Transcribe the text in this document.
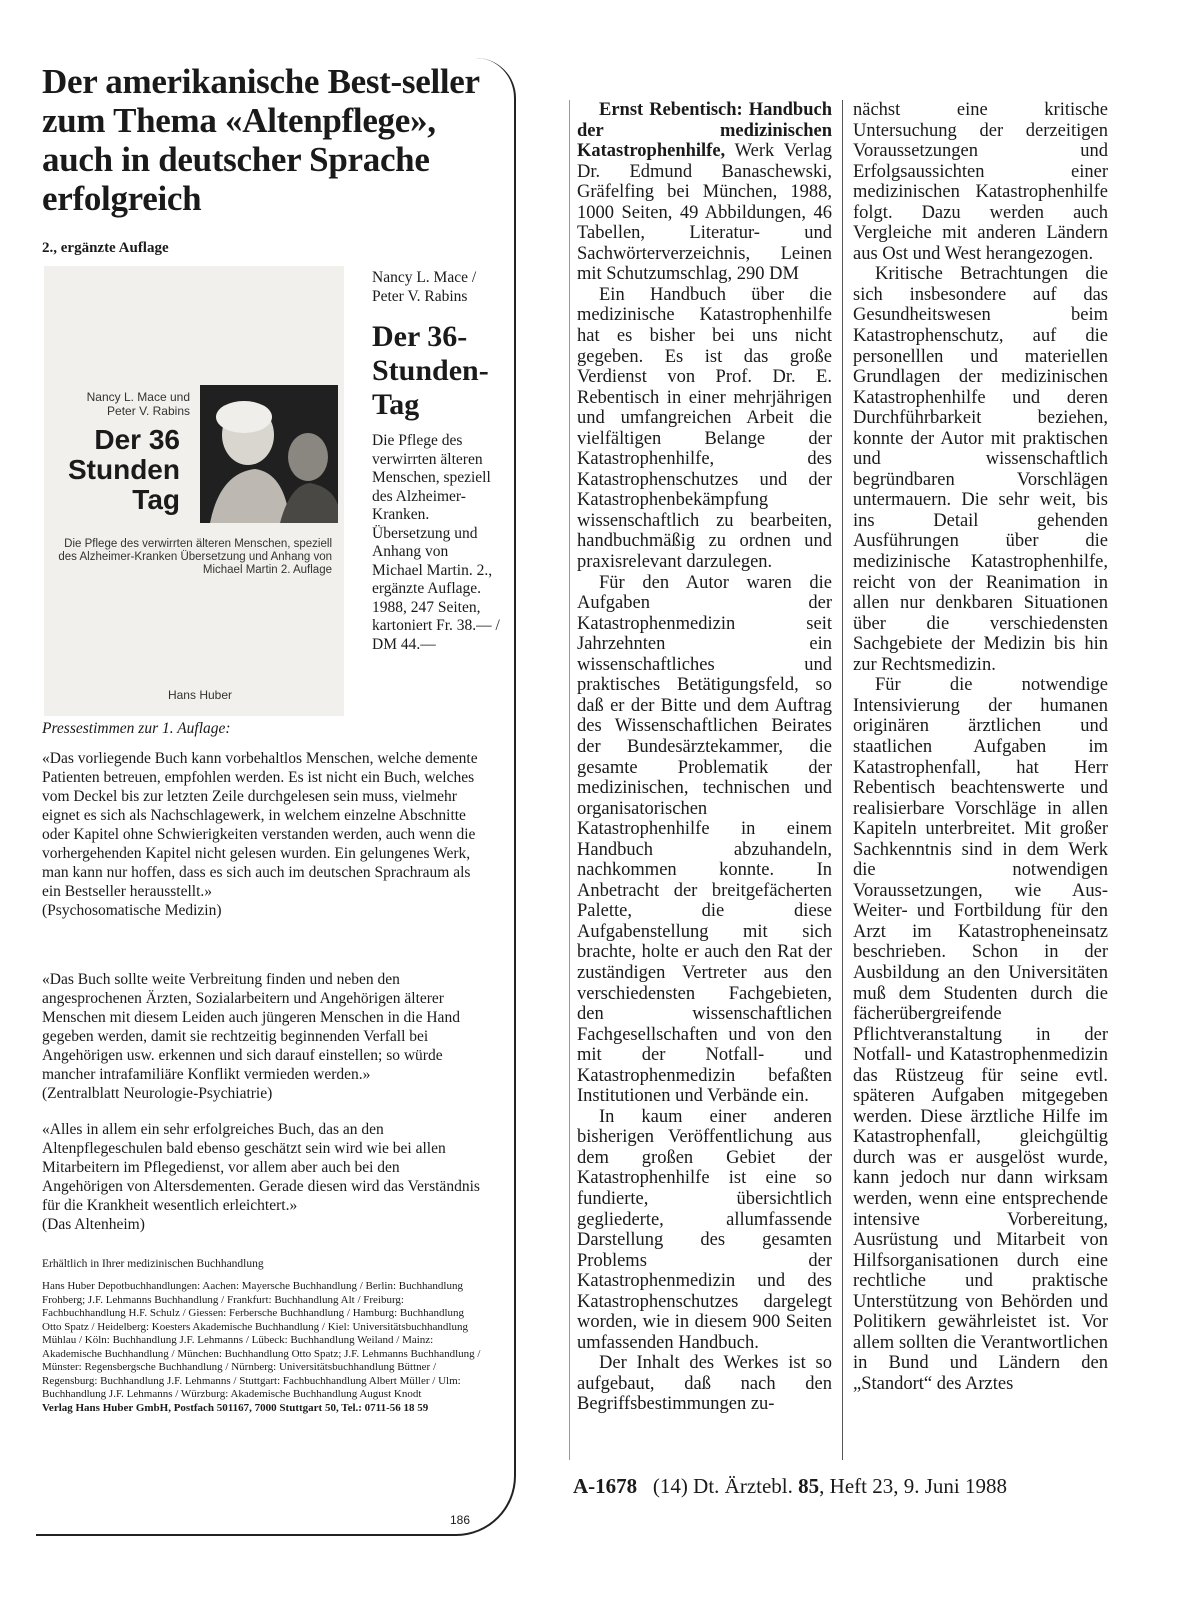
Der amerikanische Best-seller zum Thema «Altenpflege», auch in deutscher Sprache erfolgreich
2., ergänzte Auflage
Nancy L. Mace und Peter V. Rabins
Der 36 Stunden Tag
Die Pflege des verwirrten älteren Menschen, speziell des Alzheimer-Kranken Übersetzung und Anhang von Michael Martin 2. Auflage
Hans Huber
Nancy L. Mace / Peter V. Rabins
Der 36-Stunden-Tag
Die Pflege des verwirrten älteren Menschen, speziell des Alzheimer-Kranken. Übersetzung und Anhang von Michael Martin. 2., ergänzte Auflage. 1988, 247 Seiten, kartoniert Fr. 38.— / DM 44.—
Pressestimmen zur 1. Auflage:
«Das vorliegende Buch kann vorbehaltlos Menschen, welche demente Patienten betreuen, empfohlen werden. Es ist nicht ein Buch, welches vom Deckel bis zur letzten Zeile durchgelesen sein muss, vielmehr eignet es sich als Nachschlagewerk, in welchem einzelne Abschnitte oder Kapitel ohne Schwierigkeiten verstanden werden, auch wenn die vorhergehenden Kapitel nicht gelesen wurden. Ein gelungenes Werk, man kann nur hoffen, dass es sich auch im deutschen Sprachraum als ein Bestseller herausstellt.»
(Psychosomatische Medizin)
«Das Buch sollte weite Verbreitung finden und neben den angesprochenen Ärzten, Sozialarbeitern und Angehörigen älterer Menschen mit diesem Leiden auch jüngeren Menschen in die Hand gegeben werden, damit sie rechtzeitig beginnenden Verfall bei Angehörigen usw. erkennen und sich darauf einstellen; so würde mancher intrafamiliäre Konflikt vermieden werden.»
(Zentralblatt Neurologie-Psychiatrie)
«Alles in allem ein sehr erfolgreiches Buch, das an den Altenpflegeschulen bald ebenso geschätzt sein wird wie bei allen Mitarbeitern im Pflegedienst, vor allem aber auch bei den Angehörigen von Altersdementen. Gerade diesen wird das Verständnis für die Krankheit wesentlich erleichtert.»
(Das Altenheim)
Erhältlich in Ihrer medizinischen Buchhandlung
Hans Huber Depotbuchhandlungen: Aachen: Mayersche Buchhandlung / Berlin: Buchhandlung Frohberg; J.F. Lehmanns Buchhandlung / Frankfurt: Buchhandlung Alt / Freiburg: Fachbuchhandlung H.F. Schulz / Giessen: Ferbersche Buchhandlung / Hamburg: Buchhandlung Otto Spatz / Heidelberg: Koesters Akademische Buchhandlung / Kiel: Universitätsbuchhandlung Mühlau / Köln: Buchhandlung J.F. Lehmanns / Lübeck: Buchhandlung Weiland / Mainz: Akademische Buchhandlung / München: Buchhandlung Otto Spatz; J.F. Lehmanns Buchhandlung / Münster: Regensbergsche Buchhandlung / Nürnberg: Universitätsbuchhandlung Büttner / Regensburg: Buchhandlung J.F. Lehmanns / Stuttgart: Fachbuchhandlung Albert Müller / Ulm: Buchhandlung J.F. Lehmanns / Würzburg: Akademische Buchhandlung August Knodt
Verlag Hans Huber GmbH, Postfach 501167, 7000 Stuttgart 50, Tel.: 0711-56 18 59
186

Ernst Rebentisch: Handbuch der medizinischen Katastrophenhilfe, Werk Verlag Dr. Edmund Banaschewski, Gräfelfing bei München, 1988, 1000 Seiten, 49 Abbildungen, 46 Tabellen, Literatur- und Sachwörterverzeichnis, Leinen mit Schutzumschlag, 290 DM

Ein Handbuch über die medizinische Katastrophenhilfe hat es bisher bei uns nicht gegeben. Es ist das große Verdienst von Prof. Dr. E. Rebentisch in einer mehrjährigen und umfangreichen Arbeit die vielfältigen Belange der Katastrophenhilfe, des Katastrophenschutzes und der Katastrophenbekämpfung wissenschaftlich zu bearbeiten, handbuchmäßig zu ordnen und praxisrelevant darzulegen.

Für den Autor waren die Aufgaben der Katastrophenmedizin seit Jahrzehnten ein wissenschaftliches und praktisches Betätigungsfeld, so daß er der Bitte und dem Auftrag des Wissenschaftlichen Beirates der Bundesärztekammer, die gesamte Problematik der medizinischen, technischen und organisatorischen Katastrophenhilfe in einem Handbuch abzuhandeln, nachkommen konnte. In Anbetracht der breitgefächerten Palette, die diese Aufgabenstellung mit sich brachte, holte er auch den Rat der zuständigen Vertreter aus den verschiedensten Fachgebieten, den wissenschaftlichen Fachgesellschaften und von den mit der Notfall- und Katastrophenmedizin befaßten Institutionen und Verbände ein.

In kaum einer anderen bisherigen Veröffentlichung aus dem großen Gebiet der Katastrophenhilfe ist eine so fundierte, übersichtlich gegliederte, allumfassende Darstellung des gesamten Problems der Katastrophenmedizin und des Katastrophenschutzes dargelegt worden, wie in diesem 900 Seiten umfassenden Handbuch.

Der Inhalt des Werkes ist so aufgebaut, daß nach den Begriffsbestimmungen zu-

nächst eine kritische Untersuchung der derzeitigen Voraussetzungen und Erfolgsaussichten einer medizinischen Katastrophenhilfe folgt. Dazu werden auch Vergleiche mit anderen Ländern aus Ost und West herangezogen.

Kritische Betrachtungen die sich insbesondere auf das Gesundheitswesen beim Katastrophenschutz, auf die personelllen und materiellen Grundlagen der medizinischen Katastrophenhilfe und deren Durchführbarkeit beziehen, konnte der Autor mit praktischen und wissenschaftlich begründbaren Vorschlägen untermauern. Die sehr weit, bis ins Detail gehenden Ausführungen über die medizinische Katastrophenhilfe, reicht von der Reanimation in allen nur denkbaren Situationen über die verschiedensten Sachgebiete der Medizin bis hin zur Rechtsmedizin.

Für die notwendige Intensivierung der humanen originären ärztlichen und staatlichen Aufgaben im Katastrophenfall, hat Herr Rebentisch beachtenswerte und realisierbare Vorschläge in allen Kapiteln unterbreitet. Mit großer Sachkenntnis sind in dem Werk die notwendigen Voraussetzungen, wie Aus-Weiter- und Fortbildung für den Arzt im Katastropheneinsatz beschrieben. Schon in der Ausbildung an den Universitäten muß dem Studenten durch die fächerübergreifende Pflichtveranstaltung in der Notfall- und Katastrophenmedizin das Rüstzeug für seine evtl. späteren Aufgaben mitgegeben werden. Diese ärztliche Hilfe im Katastrophenfall, gleichgültig durch was er ausgelöst wurde, kann jedoch nur dann wirksam werden, wenn eine entsprechende intensive Vorbereitung, Ausrüstung und Mitarbeit von Hilfsorganisationen durch eine rechtliche und praktische Unterstützung von Behörden und Politikern gewährleistet ist. Vor allem sollten die Verantwortlichen in Bund und Ländern den „Standort“ des Arztes

A-1678 (14) Dt. Ärztebl. 85, Heft 23, 9. Juni 1988
